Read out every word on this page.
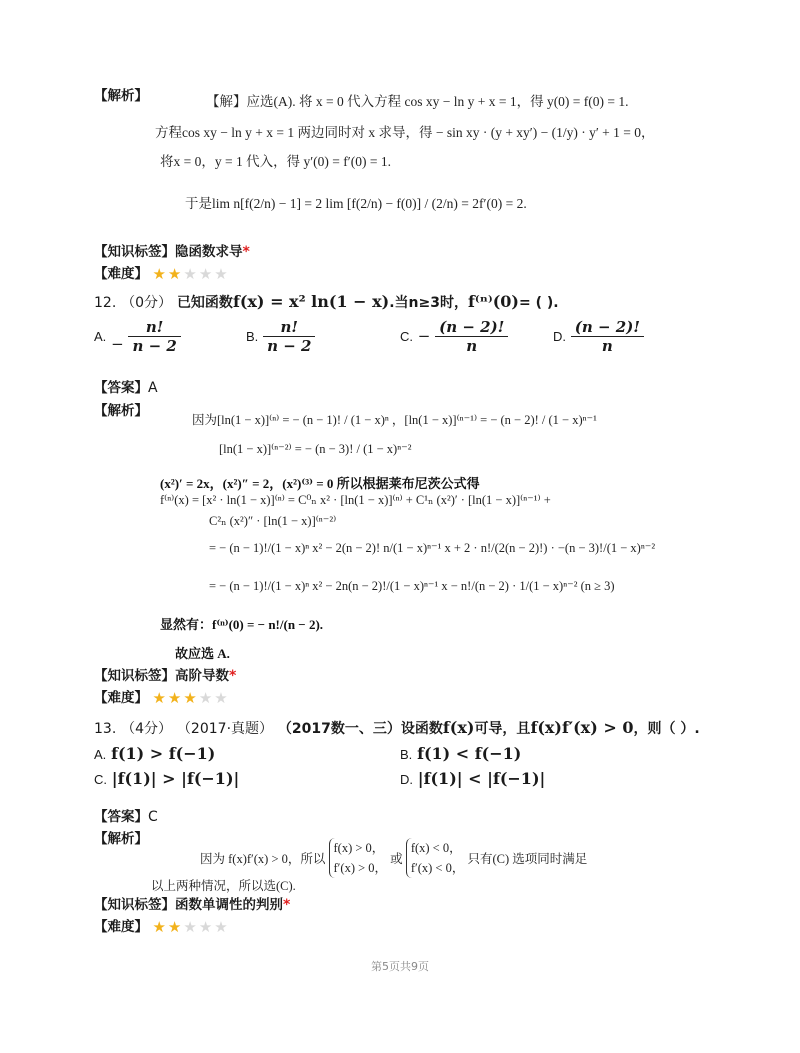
【解析】	【解】应选(A). 将 x = 0 代入方程 cos xy − ln y + x = 1，得 y(0) = f(0) = 1.
方程cos xy − ln y + x = 1 两边同时对 x 求导，得 − sin xy · (y + xy′) − (1/y) · y′ + 1 = 0，
将x = 0，y = 1 代入，得 y′(0) = f′(0) = 1.
于是lim n[f(2/n) − 1] = 2 lim [f(2/n) − f(0)] / (2/n) = 2f′(0) = 2.
【知识标签】隐函数求导*
【难度】 ★ ★ ★ ★ ★
12. （0分） 已知函数f(x) = x² ln(1 − x).当n≥3时，f⁽ⁿ⁾(0)= ( ).
A. − $\frac{n!}{n - 2}$	B. $\frac{n!}{n - 2}$	C. − $\frac{(n - 2)!}{n}$	D. $\frac{(n - 2)!}{n}$
【答案】A
【解析】
因为[ln(1 − x)]⁽ⁿ⁾ = − (n − 1)! / (1 − x)ⁿ ，[ln(1 − x)]⁽ⁿ⁻¹⁾ = − (n − 2)! / (1 − x)ⁿ⁻¹
[ln(1 − x)]⁽ⁿ⁻²⁾ = − (n − 3)! / (1 − x)ⁿ⁻²
(x²)′ = 2x，(x²)″ = 2，(x²)⁽³⁾ = 0 所以根据莱布尼茨公式得
f⁽ⁿ⁾(x) = [x² · ln(1 − x)]⁽ⁿ⁾ = C⁰ₙ x² · [ln(1 − x)]⁽ⁿ⁾ + C¹ₙ (x²)′ · [ln(1 − x)]⁽ⁿ⁻¹⁾ +
C²ₙ (x²)″ · [ln(1 − x)]⁽ⁿ⁻²⁾
= − (n − 1)!/(1 − x)ⁿ x² − 2(n − 2)! n/(1 − x)ⁿ⁻¹ x + 2 · n!/(2(n − 2)!) · −(n − 3)!/(1 − x)ⁿ⁻²
= − (n − 1)!/(1 − x)ⁿ x² − 2n(n − 2)!/(1 − x)ⁿ⁻¹ x − n!/(n − 2) · 1/(1 − x)ⁿ⁻² (n ≥ 3)
显然有：f⁽ⁿ⁾(0) = − n!/(n − 2).
故应选 A.
【知识标签】高阶导数*
【难度】 ★ ★ ★ ★ ★
13. （4分） （2017·真题） （2017数一、三）设函数f(x)可导，且f(x)f′(x) > 0，则（ ）.
A. f(1) > f(−1)	B. f(1) < f(−1)
C. |f(1)| > |f(−1)|	D. |f(1)| < |f(−1)|
【答案】C
【解析】
因为 f(x)f′(x) > 0，所以
f(x) > 0，
f′(x) > 0，
或
f(x) < 0，
f′(x) < 0，
只有(C) 选项同时满足
以上两种情况，所以选(C).
【知识标签】函数单调性的判别*
【难度】 ★ ★ ★ ★ ★
第5页共9页
